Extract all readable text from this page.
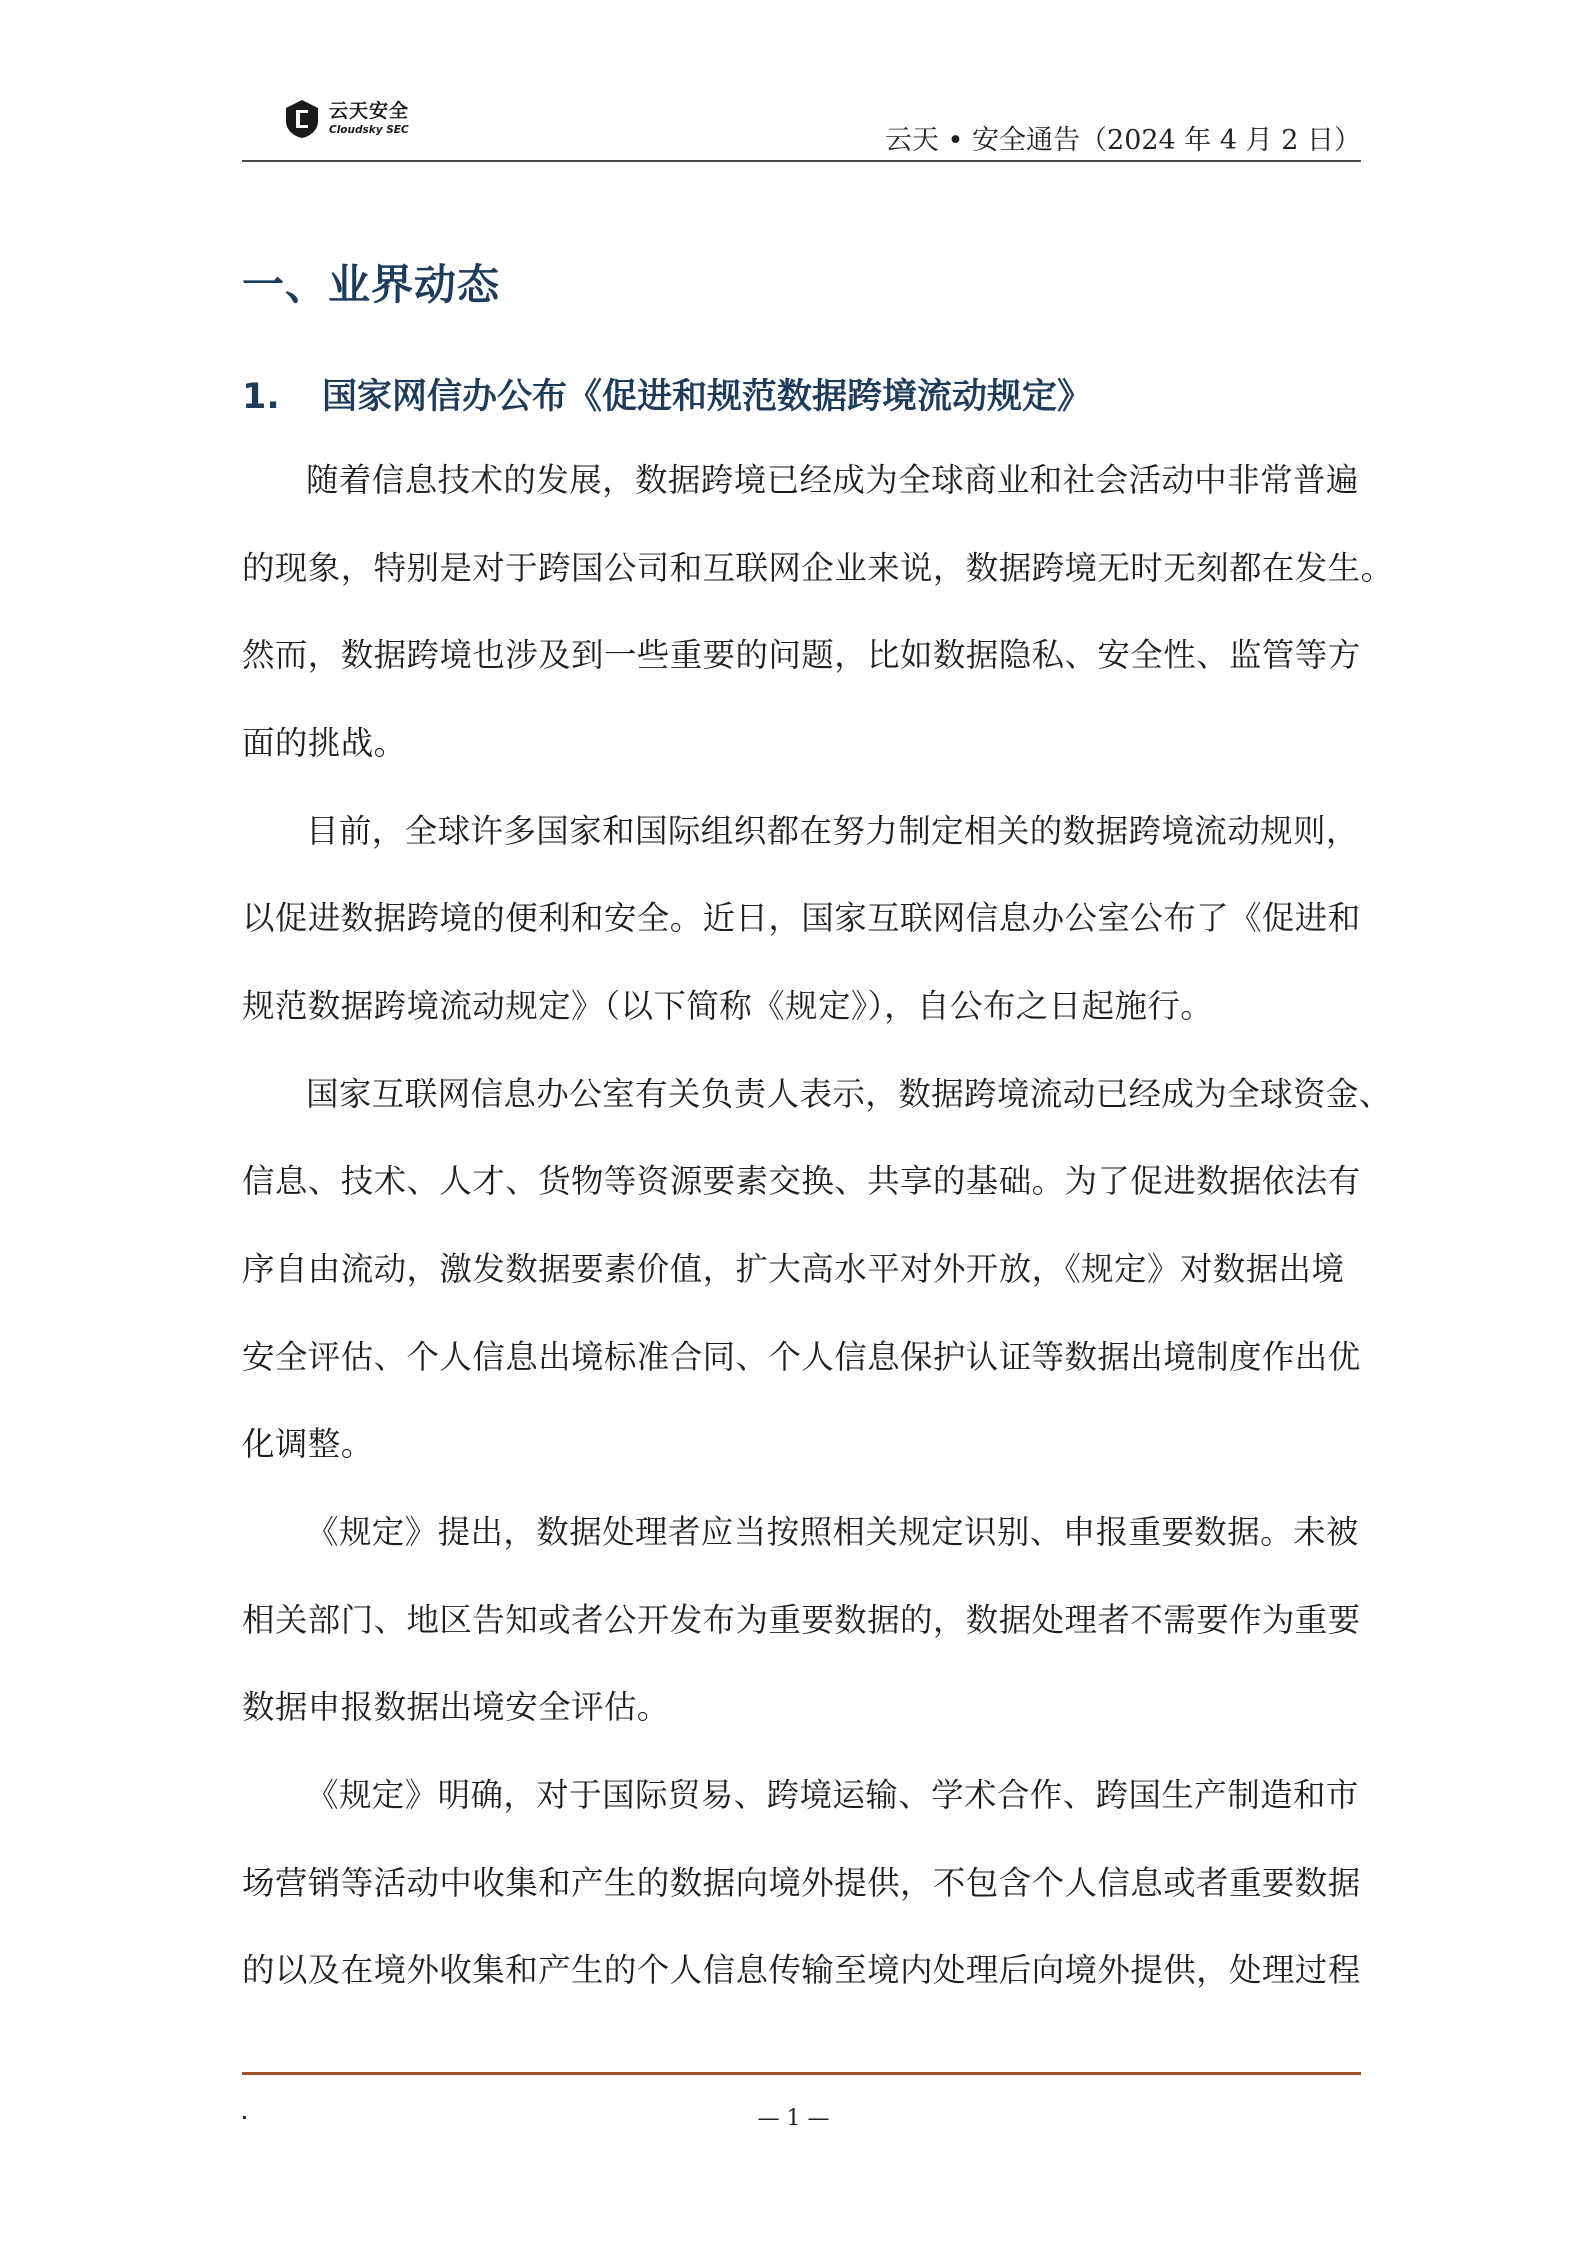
云天安全
Cloudsky SEC	云天 • 安全通告（2024 年 4 月 2 日）
一、业界动态
1. 国家网信办公布《促进和规范数据跨境流动规定》
随着信息技术的发展，数据跨境已经成为全球商业和社会活动中非常普遍
的现象，特别是对于跨国公司和互联网企业来说，数据跨境无时无刻都在发生。
然而，数据跨境也涉及到一些重要的问题，比如数据隐私、安全性、监管等方
面的挑战。
目前，全球许多国家和国际组织都在努力制定相关的数据跨境流动规则，
以促进数据跨境的便利和安全。近日，国家互联网信息办公室公布了《促进和
规范数据跨境流动规定》（以下简称《规定》），自公布之日起施行。
国家互联网信息办公室有关负责人表示，数据跨境流动已经成为全球资金、
信息、技术、人才、货物等资源要素交换、共享的基础。为了促进数据依法有
序自由流动，激发数据要素价值，扩大高水平对外开放，《规定》对数据出境
安全评估、个人信息出境标准合同、个人信息保护认证等数据出境制度作出优
化调整。
《规定》提出，数据处理者应当按照相关规定识别、申报重要数据。未被
相关部门、地区告知或者公开发布为重要数据的，数据处理者不需要作为重要
数据申报数据出境安全评估。
《规定》明确，对于国际贸易、跨境运输、学术合作、跨国生产制造和市
场营销等活动中收集和产生的数据向境外提供，不包含个人信息或者重要数据
的以及在境外收集和产生的个人信息传输至境内处理后向境外提供，处理过程
— 1 —
